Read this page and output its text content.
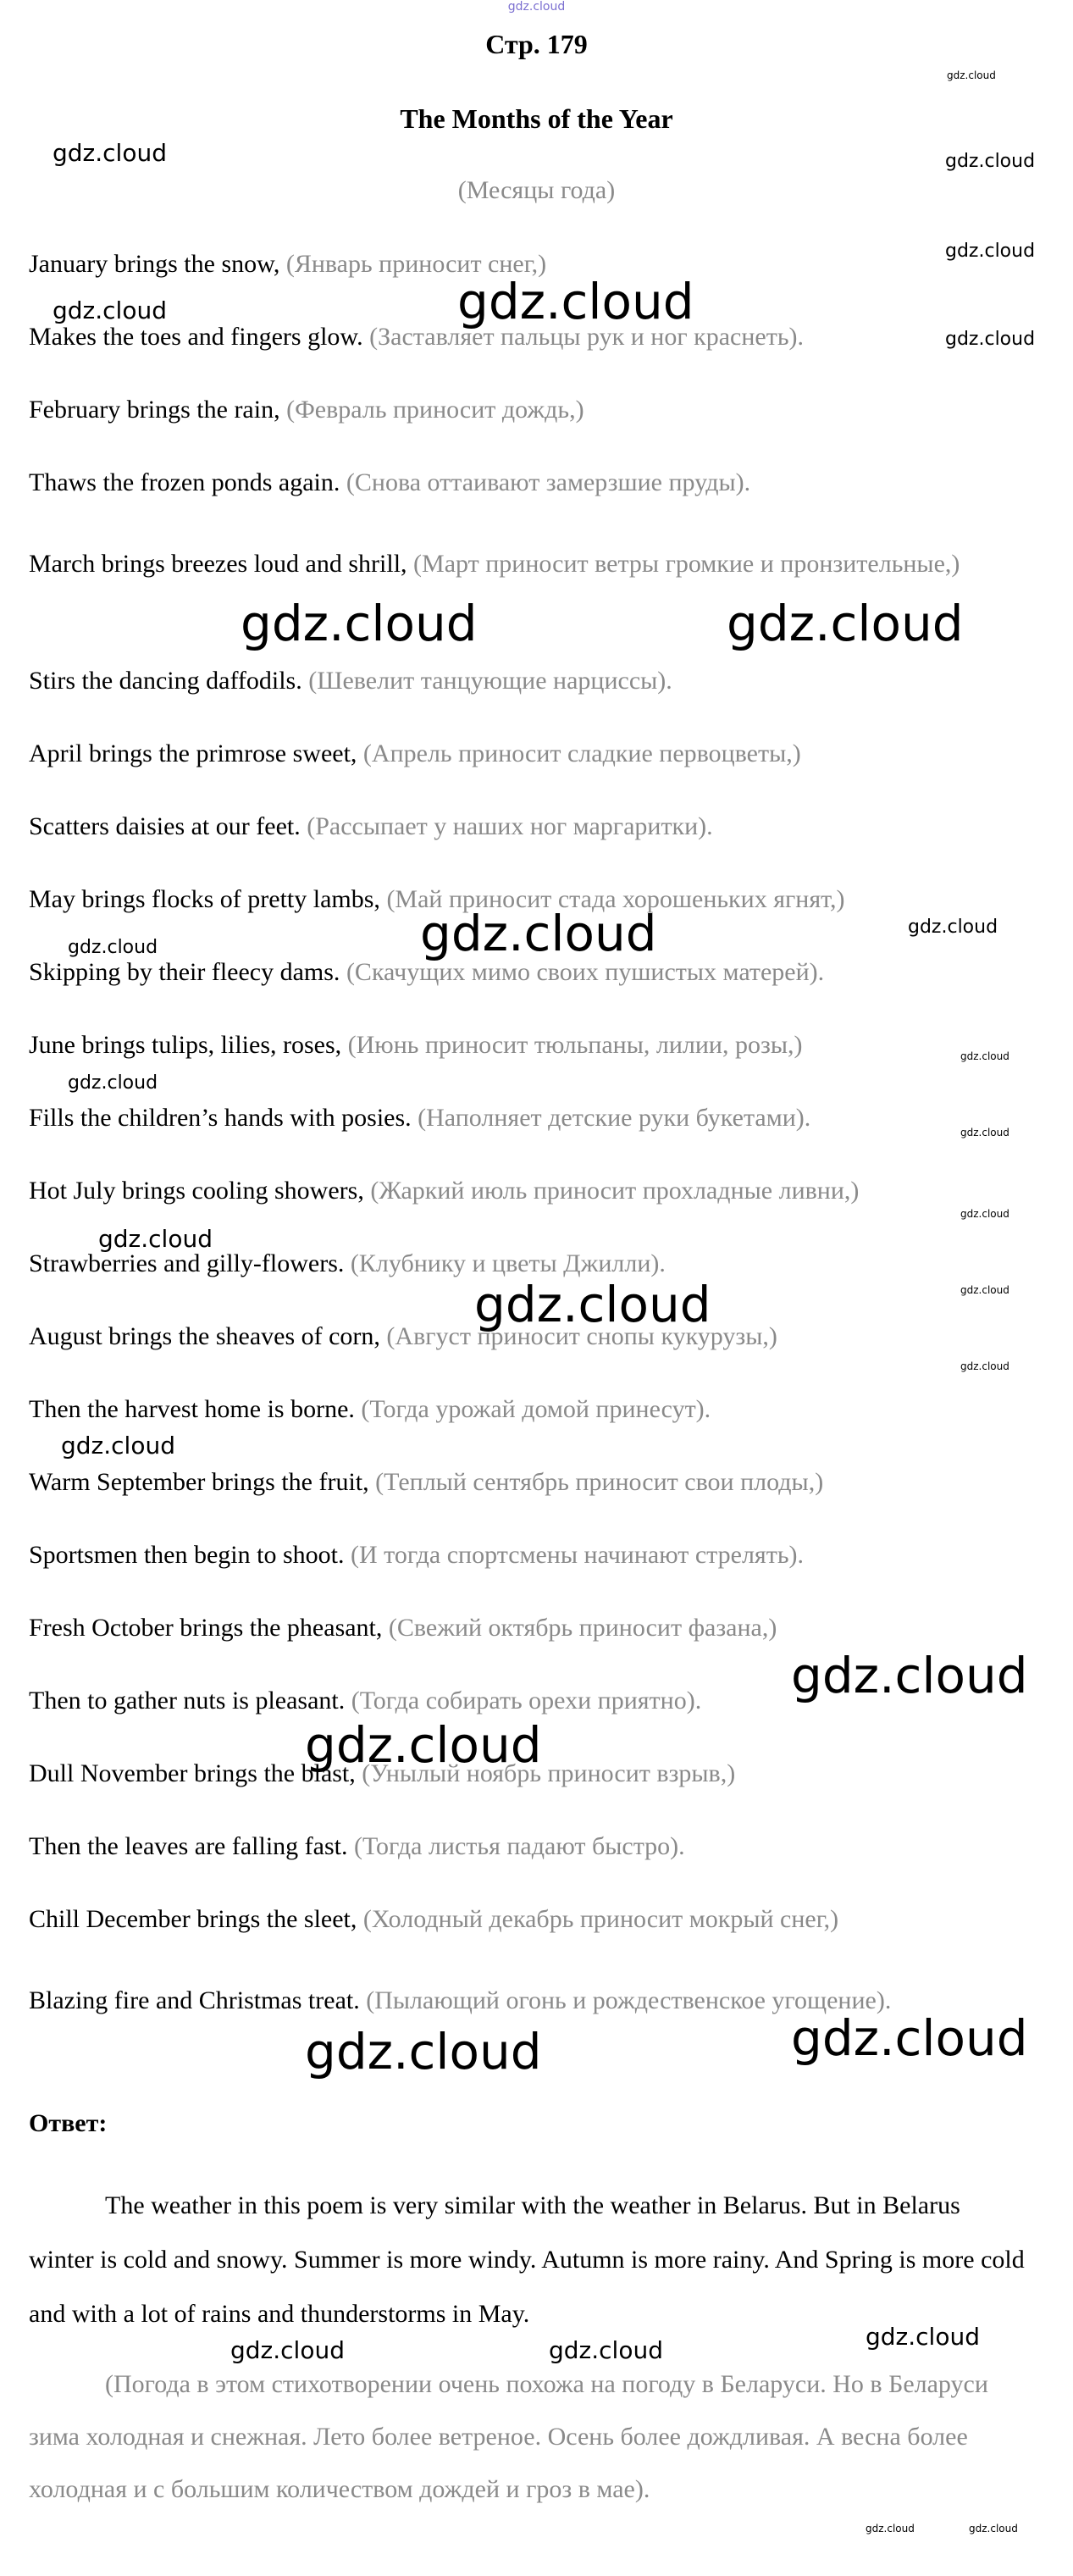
gdz.cloud
Стр. 179
The Months of the Year
(Месяцы года)
January brings the snow, (Январь приносит снег,)
Makes the toes and fingers glow. (Заставляет пальцы рук и ног краснеть).
February brings the rain, (Февраль приносит дождь,)
Thaws the frozen ponds again. (Снова оттаивают замерзшие пруды).
March brings breezes loud and shrill, (Март приносит ветры громкие и пронзительные,)
Stirs the dancing daffodils. (Шевелит танцующие нарциссы).
April brings the primrose sweet, (Апрель приносит сладкие первоцветы,)
Scatters daisies at our feet. (Рассыпает у наших ног маргаритки).
May brings flocks of pretty lambs, (Май приносит стада хорошеньких ягнят,)
Skipping by their fleecy dams. (Скачущих мимо своих пушистых матерей).
June brings tulips, lilies, roses, (Июнь приносит тюльпаны, лилии, розы,)
Fills the children’s hands with posies. (Наполняет детские руки букетами).
Hot July brings cooling showers, (Жаркий июль приносит прохладные ливни,)
Strawberries and gilly-flowers. (Клубнику и цветы Джилли).
August brings the sheaves of corn, (Август приносит снопы кукурузы,)
Then the harvest home is borne. (Тогда урожай домой принесут).
Warm September brings the fruit, (Теплый сентябрь приносит свои плоды,)
Sportsmen then begin to shoot. (И тогда спортсмены начинают стрелять).
Fresh October brings the pheasant, (Свежий октябрь приносит фазана,)
Then to gather nuts is pleasant. (Тогда собирать орехи приятно).
Dull November brings the blast, (Унылый ноябрь приносит взрыв,)
Then the leaves are falling fast. (Тогда листья падают быстро).
Chill December brings the sleet, (Холодный декабрь приносит мокрый снег,)
Blazing fire and Christmas treat. (Пылающий огонь и рождественское угощение).
Ответ:
The weather in this poem is very similar with the weather in Belarus. But in Belarus winter is cold and snowy. Summer is more windy. Autumn is more rainy. And Spring is more cold and with a lot of rains and thunderstorms in May.
(Погода в этом стихотворении очень похожа на погоду в Беларуси. Но в Беларуси зима холодная и снежная. Лето более ветреное. Осень более дождливая. А весна более холодная и с большим количеством дождей и гроз в мае).
gdz.cloud
gdz.cloud
gdz.cloud
gdz.cloud
gdz.cloud
gdz.cloud	gdz.cloud
gdz.cloud	gdz.cloud
gdz.cloud
gdz.cloud
gdz.cloud
gdz.cloud
gdz.cloud
gdz.cloud
gdz.cloud
gdz.cloud
gdz.cloud
gdz.cloud
gdz.cloud
gdz.cloud
gdz.cloud
gdz.cloud
gdz.cloud	gdz.cloud
gdz.cloud	gdz.cloud	gdz.cloud
gdz.cloud	gdz.cloud
